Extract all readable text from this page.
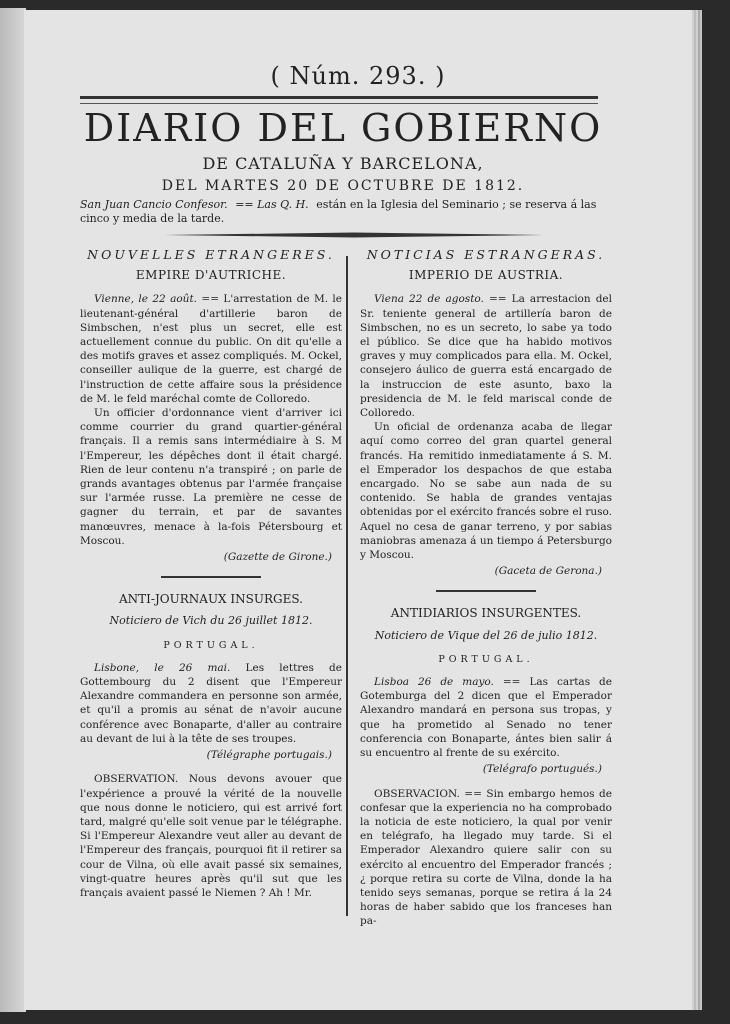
( Núm. 293. )
DIARIO DEL GOBIERNO
DE CATALUÑA Y BARCELONA,
DEL MARTES 20 DE OCTUBRE DE 1812.
San Juan Cancio Confesor. == Las Q. H. están en la Iglesia del Seminario ; se reserva á las cinco y media de la tarde.
NOUVELLES ETRANGERES.
EMPIRE D'AUTRICHE.

Vienne, le 22 août. == L'arrestation de M. le lieutenant-général d'artillerie baron de Simbschen, n'est plus un secret, elle est actuellement connue du public. On dit qu'elle a des motifs graves et assez compliqués. M. Ockel, conseiller aulique de la guerre, est chargé de l'instruction de cette affaire sous la présidence de M. le feld maréchal comte de Colloredo.

Un officier d'ordonnance vient d'arriver ici comme courrier du grand quartier-général français. Il a remis sans intermédiaire à S. M l'Empereur, les dépêches dont il était chargé. Rien de leur contenu n'a transpiré ; on parle de grands avantages obtenus par l'armée française sur l'armée russe. La première ne cesse de gagner du terrain, et par de savantes manœuvres, menace à la-fois Pétersbourg et Moscou.

(Gazette de Girone.)
ANTI-JOURNAUX INSURGES.
Noticiero de Vich du 26 juillet 1812.
PORTUGAL.

Lisbone, le 26 mai. Les lettres de Gottembourg du 2 disent que l'Empereur Alexandre commandera en personne son armée, et qu'il a promis au sénat de n'avoir aucune conférence avec Bonaparte, d'aller au contraire au devant de lui à la tête de ses troupes.

(Télégraphe portugais.)

OBSERVATION. Nous devons avouer que l'expérience a prouvé la vérité de la nouvelle que nous donne le noticiero, qui est arrivé fort tard, malgré qu'elle soit venue par le télégraphe. Si l'Empereur Alexandre veut aller au devant de l'Empereur des français, pourquoi fit il retirer sa cour de Vilna, où elle avait passé six semaines, vingt-quatre heures après qu'il sut que les français avaient passé le Niemen ? Ah ! Mr.

NOTICIAS ESTRANGERAS.
IMPERIO DE AUSTRIA.

Viena 22 de agosto. == La arrestacion del Sr. teniente general de artillería baron de Simbschen, no es un secreto, lo sabe ya todo el público. Se dice que ha habido motivos graves y muy complicados para ella. M. Ockel, consejero áulico de guerra está encargado de la instruccion de este asunto, baxo la presidencia de M. le feld mariscal conde de Colloredo.

Un oficial de ordenanza acaba de llegar aquí como correo del gran quartel general francés. Ha remitido inmediatamente á S. M. el Emperador los despachos de que estaba encargado. No se sabe aun nada de su contenido. Se habla de grandes ventajas obtenidas por el exército francés sobre el ruso. Aquel no cesa de ganar terreno, y por sabias maniobras amenaza á un tiempo á Petersburgo y Moscou.

(Gaceta de Gerona.)
ANTIDIARIOS INSURGENTES.
Noticiero de Vique del 26 de julio 1812.
PORTUGAL.

Lisboa 26 de mayo. == Las cartas de Gotemburga del 2 dicen que el Emperador Alexandro mandará en persona sus tropas, y que ha prometido al Senado no tener conferencia con Bonaparte, ántes bien salir á su encuentro al frente de su exército.

(Telégrafo portugués.)

OBSERVACION. == Sin embargo hemos de confesar que la experiencia no ha comprobado la noticia de este noticiero, la qual por venir en telégrafo, ha llegado muy tarde. Si el Emperador Alexandro quiere salir con su exército al encuentro del Emperador francés ; ¿ porque retira su corte de Vilna, donde la ha tenido seys semanas, porque se retira á la 24 horas de haber sabido que los franceses han pa-
